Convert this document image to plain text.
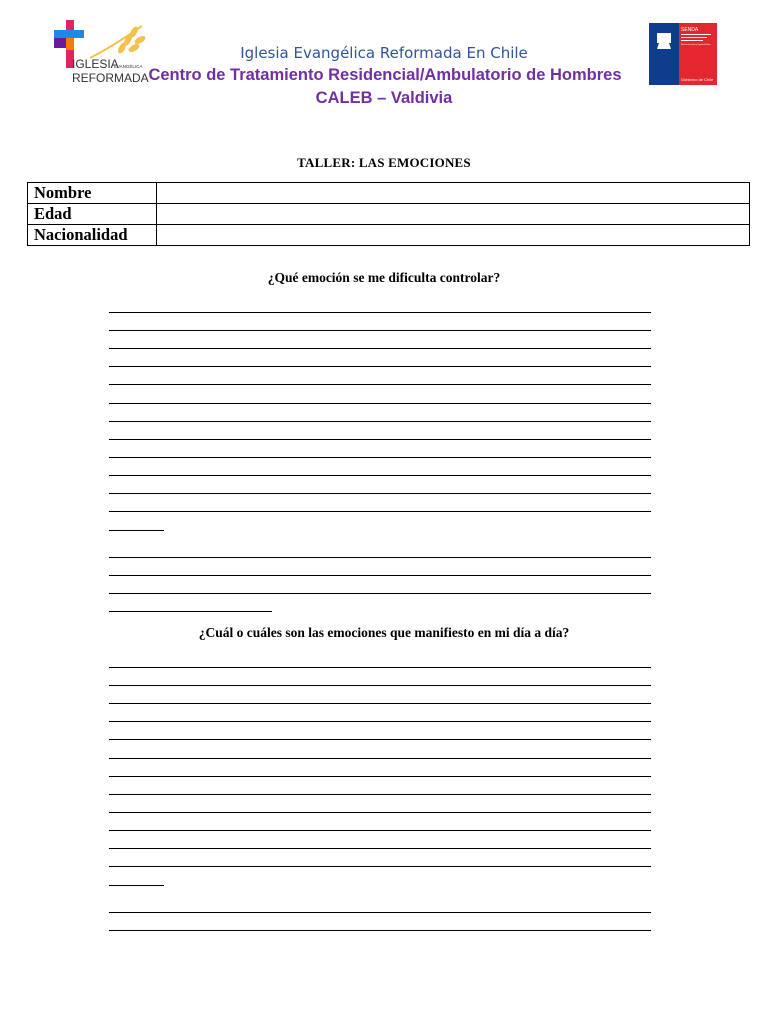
IGLESIA
EVANGÉLICA
REFORMADA
SENDA
Ministerio del Interior y Seguridad Pública
Gobierno de Chile
Iglesia Evangélica Reformada En Chile
Centro de Tratamiento Residencial/Ambulatorio de Hombres
CALEB – Valdivia
TALLER: LAS EMOCIONES
Nombre	
Edad	
Nacionalidad	
¿Qué emoción se me dificulta controlar?
¿Cuál o cuáles son las emociones que manifiesto en mi día a día?
